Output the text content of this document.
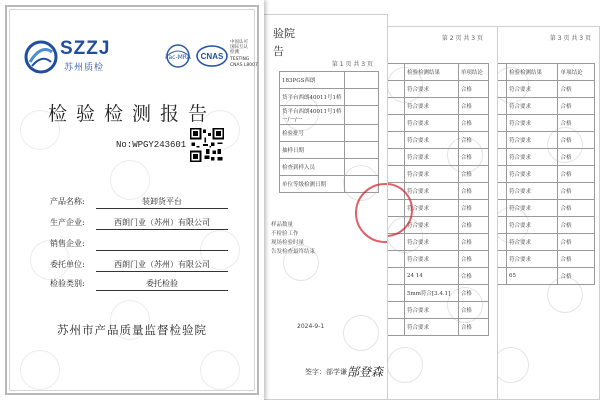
第 3 页 共 3 页
	检验检测结果	单项结论
	符合要求	合格
	符合要求	合格
	符合要求	合格
	符合要求	合格
	符合要求	合格
	符合要求	合格
	符合要求	合格
	符合要求	合格
	符合要求	合格
	符合要求	合格
	符合要求	合格
	65	合格
第 2 页 共 3 页
	检验检测结果	单项结论
	符合要求	合格
	符合要求	合格
	符合要求	合格
	符合要求	合格
	符合要求	合格
	符合要求	合格
	符合要求	合格
	符合要求	合格
	符合要求	合格
	符合要求	合格
	符合要求	合格
	24 14	合格
	5mm符合[3.4.1]	合格
	符合要求	合格
	符合要求	合格
验院
告
第 1 页 共 3 页
183PGS西朗	
货平台西朗40011号1桥	
货平台西朗40011号1桥 一/一/一	
检验批号	
抽样日期	
检查到样入员	
单位等级检测日期	
样品数量
不检验工作
现场检验时量
告发检查最终结束
2024-9-1
签字：部学谦 郜登森
SZZJ
苏州质检
ilac-MRA CNAS
中国认可
国际互认
检测
TESTING
CNAS L8007
检验检测报告
No:WPGY243601
产品名称:	装卸货平台
生产企业:	西朗门业（苏州）有限公司
销售企业:
委托单位:	西朗门业（苏州）有限公司
检验类别:	委托检验
苏州市产品质量监督检验院
